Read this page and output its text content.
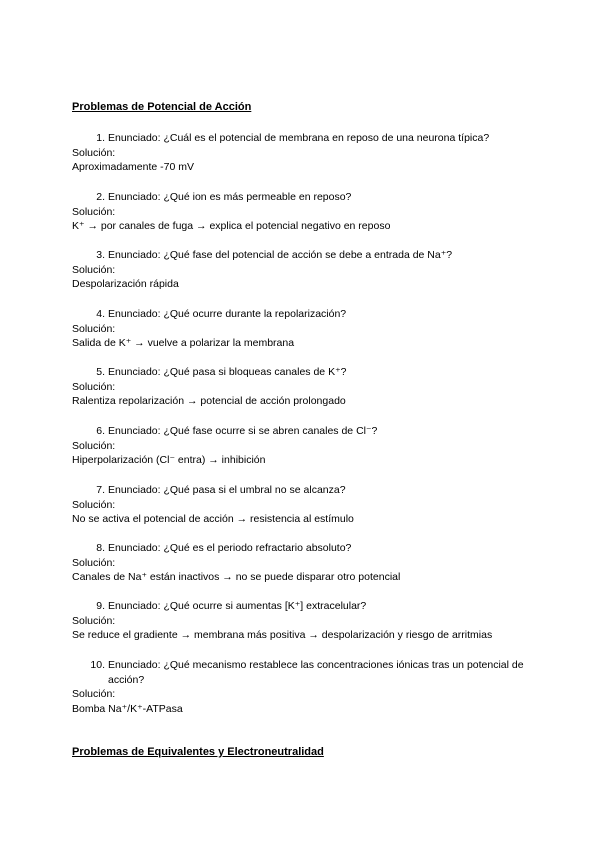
Problemas de Potencial de Acción
1. Enunciado: ¿Cuál es el potencial de membrana en reposo de una neurona típica?
Solución:
Aproximadamente -70 mV
2. Enunciado: ¿Qué ion es más permeable en reposo?
Solución:
K⁺ → por canales de fuga → explica el potencial negativo en reposo
3. Enunciado: ¿Qué fase del potencial de acción se debe a entrada de Na⁺?
Solución:
Despolarización rápida
4. Enunciado: ¿Qué ocurre durante la repolarización?
Solución:
Salida de K⁺ → vuelve a polarizar la membrana
5. Enunciado: ¿Qué pasa si bloqueas canales de K⁺?
Solución:
Ralentiza repolarización → potencial de acción prolongado
6. Enunciado: ¿Qué fase ocurre si se abren canales de Cl⁻?
Solución:
Hiperpolarización (Cl⁻ entra) → inhibición
7. Enunciado: ¿Qué pasa si el umbral no se alcanza?
Solución:
No se activa el potencial de acción → resistencia al estímulo
8. Enunciado: ¿Qué es el periodo refractario absoluto?
Solución:
Canales de Na⁺ están inactivos → no se puede disparar otro potencial
9. Enunciado: ¿Qué ocurre si aumentas [K⁺] extracelular?
Solución:
Se reduce el gradiente → membrana más positiva → despolarización y riesgo de arritmias
10. Enunciado: ¿Qué mecanismo restablece las concentraciones iónicas tras un potencial de acción?
Solución:
Bomba Na⁺/K⁺-ATPasa
Problemas de Equivalentes y Electroneutralidad
